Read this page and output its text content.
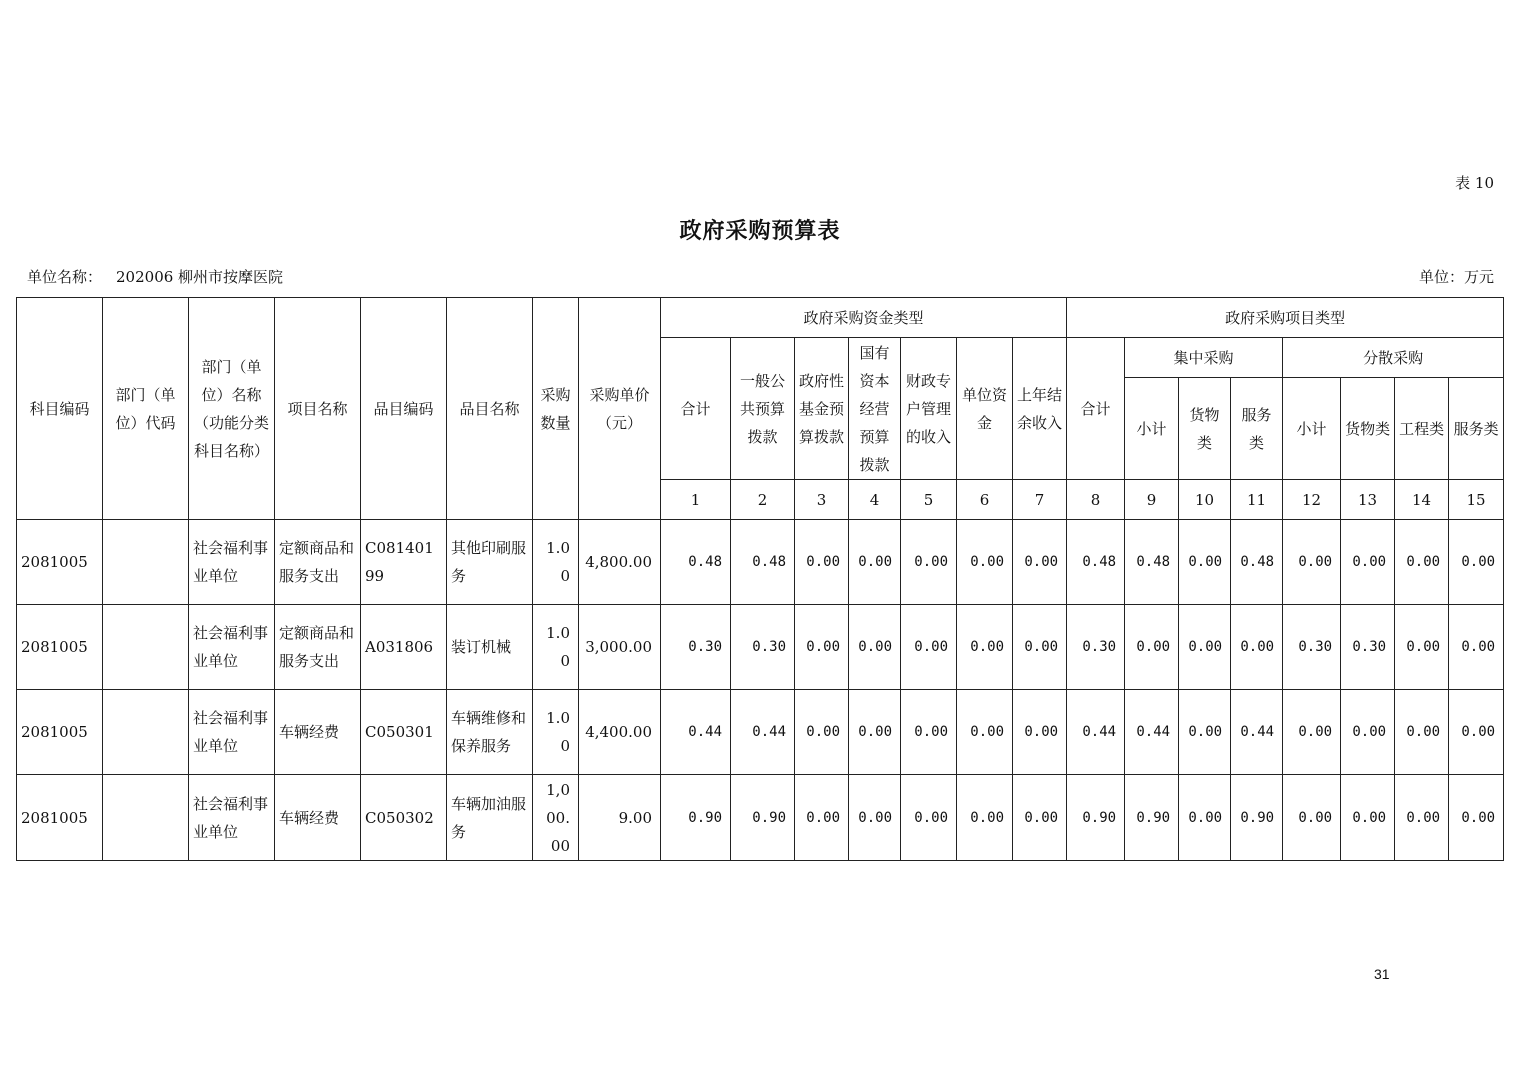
表 10
政府采购预算表
单位名称： 202006 柳州市按摩医院	单位：万元
科目编码	部门（单位）代码	部门（单位）名称（功能分类科目名称）	项目名称	品目编码	品目名称	采购数量	采购单价（元）	政府采购资金类型							政府采购项目类型							
								合计	一般公共预算拨款	政府性基金预算拨款	国有资本经营预算拨款	财政专户管理的收入	单位资金	上年结余收入	合计	集中采购			分散采购			
																小计	货物类	服务类	小计	货物类	工程类	服务类
								1	2	3	4	5	6	7	8	9	10	11	12	13	14	15
2081005		社会福利事业单位	定额商品和服务支出	C08140199	其他印刷服务	1.00	4,800.00	0.48	0.48	0.00	0.00	0.00	0.00	0.00	0.48	0.48	0.00	0.48	0.00	0.00	0.00	0.00
2081005		社会福利事业单位	定额商品和服务支出	A031806	装订机械	1.00	3,000.00	0.30	0.30	0.00	0.00	0.00	0.00	0.00	0.30	0.00	0.00	0.00	0.30	0.30	0.00	0.00
2081005		社会福利事业单位	车辆经费	C050301	车辆维修和保养服务	1.00	4,400.00	0.44	0.44	0.00	0.00	0.00	0.00	0.00	0.44	0.44	0.00	0.44	0.00	0.00	0.00	0.00
2081005		社会福利事业单位	车辆经费	C050302	车辆加油服务	1,000.00	9.00	0.90	0.90	0.00	0.00	0.00	0.00	0.00	0.90	0.90	0.00	0.90	0.00	0.00	0.00	0.00
31
